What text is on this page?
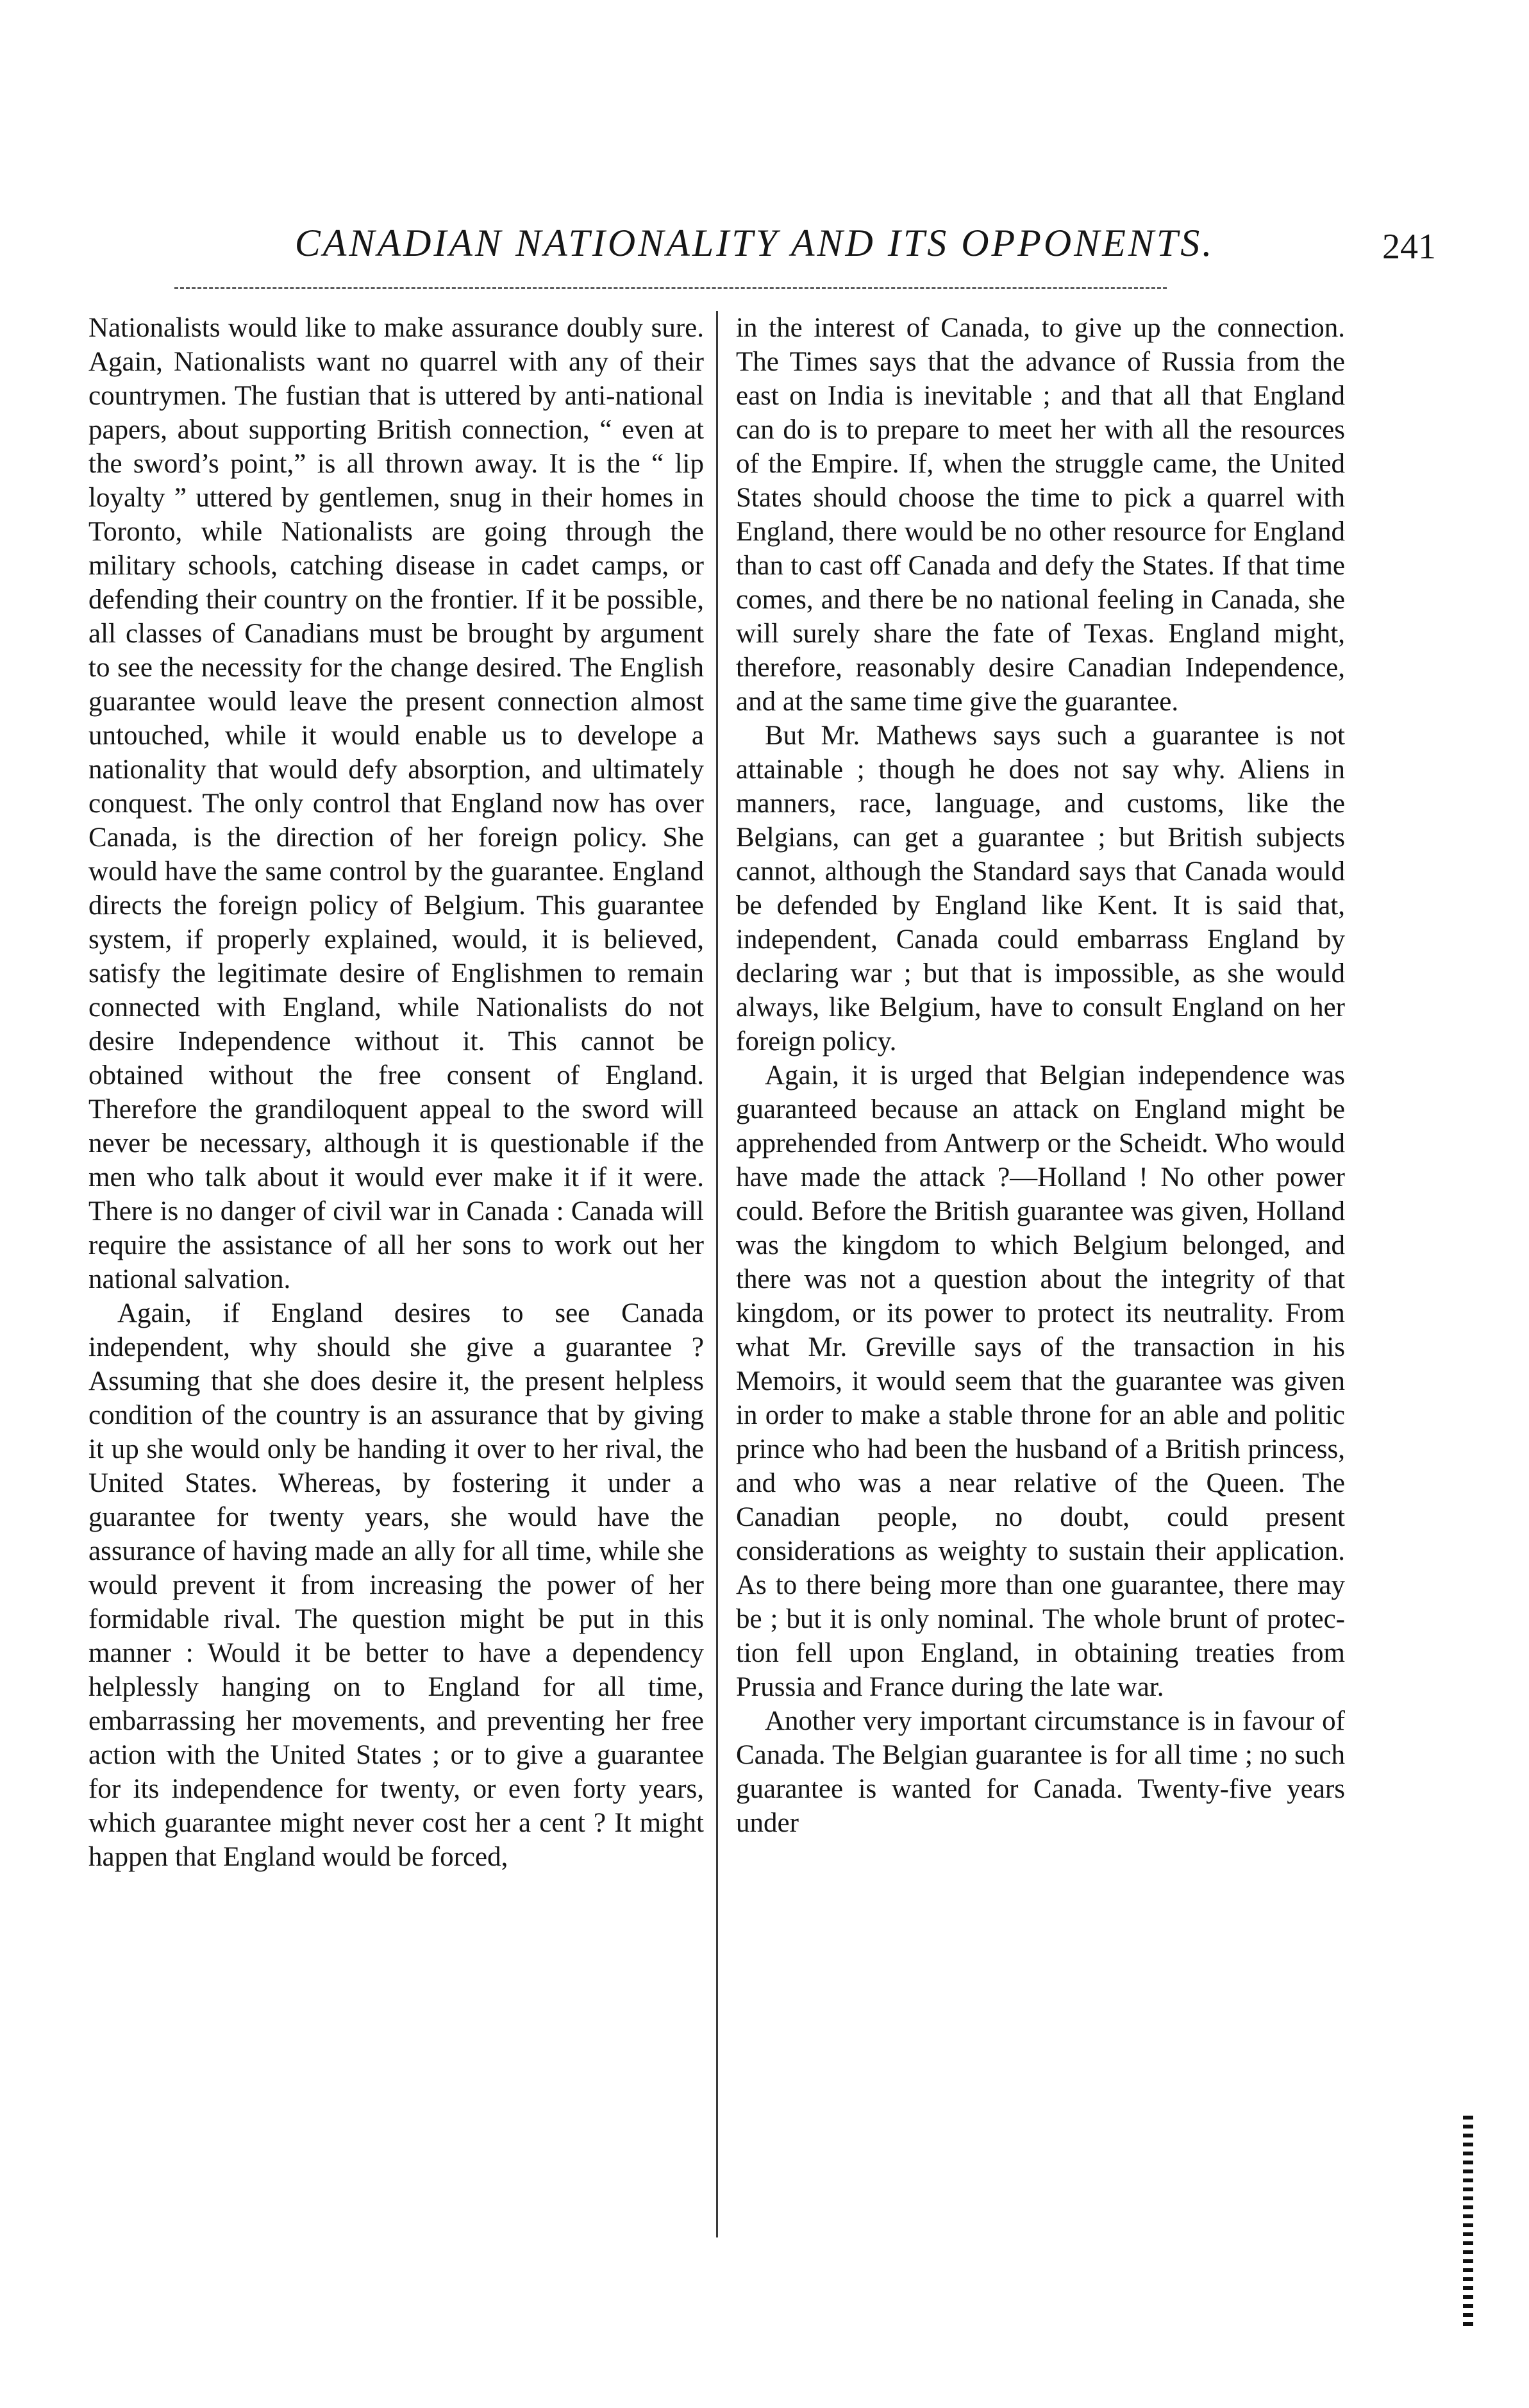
CANADIAN NATIONALITY AND ITS OPPONENTS.	241

Nationalists would like to make assurance doubly sure. Again, Nationalists want no quarrel with any of their countrymen. The fustian that is uttered by anti-national papers, about supporting British connection, “ even at the sword’s point,” is all thrown away. It is the “ lip loyalty ” uttered by gentlemen, snug in their homes in Toronto, while Nationalists are going through the military schools, catching disease in cadet camps, or defending their country on the frontier. If it be possible, all classes of Canadians must be brought by argument to see the necessity for the change desired. The English guarantee would leave the present connection almost untouched, while it would enable us to develope a nationality that would defy absorption, and ultimately conquest. The only control that England now has over Canada, is the direction of her foreign policy. She would have the same control by the guarantee. England directs the foreign policy of Belgium. This guarantee system, if properly explained, would, it is believed, satisfy the legitimate desire of Englishmen to remain connected with England, while Nationalists do not desire Independence without it. This cannot be obtained without the free consent of England. Therefore the grandiloquent appeal to the sword will never be necessary, although it is questionable if the men who talk about it would ever make it if it were. There is no danger of civil war in Canada : Canada will require the assistance of all her sons to work out her national salvation.

Again, if England desires to see Canada independent, why should she give a guarantee ? Assuming that she does desire it, the present helpless condition of the country is an assurance that by giving it up she would only be handing it over to her rival, the United States. Whereas, by fostering it under a guarantee for twenty years, she would have the assurance of having made an ally for all time, while she would prevent it from increasing the power of her formidable rival. The question might be put in this manner : Would it be better to have a dependency helplessly hanging on to England for all time, embarrassing her movements, and preventing her free action with the United States ; or to give a guarantee for its independence for twenty, or even forty years, which guarantee might never cost her a cent ? It might happen that England would be forced,

in the interest of Canada, to give up the connection. The Times says that the advance of Russia from the east on India is inevitable ; and that all that England can do is to prepare to meet her with all the resources of the Empire. If, when the struggle came, the United States should choose the time to pick a quarrel with England, there would be no other resource for England than to cast off Canada and defy the States. If that time comes, and there be no national feeling in Canada, she will surely share the fate of Texas. England might, therefore, reasonably desire Canadian Independence, and at the same time give the guarantee.

But Mr. Mathews says such a guarantee is not attainable ; though he does not say why. Aliens in manners, race, language, and customs, like the Belgians, can get a guarantee ; but British subjects cannot, although the Standard says that Canada would be defended by England like Kent. It is said that, independent, Canada could embarrass England by declaring war ; but that is impossible, as she would always, like Belgium, have to consult England on her foreign policy.

Again, it is urged that Belgian independence was guaranteed because an attack on England might be apprehended from Antwerp or the Scheidt. Who would have made the attack ?—Holland ! No other power could. Before the British guarantee was given, Holland was the kingdom to which Belgium belonged, and there was not a question about the integrity of that kingdom, or its power to protect its neutrality. From what Mr. Greville says of the transaction in his Memoirs, it would seem that the guarantee was given in order to make a stable throne for an able and politic prince who had been the husband of a British princess, and who was a near relative of the Queen. The Canadian people, no doubt, could present considerations as weighty to sustain their application. As to there being more than one guarantee, there may be ; but it is only nominal. The whole brunt of protection fell upon England, in obtaining treaties from Prussia and France during the late war.

Another very important circumstance is in favour of Canada. The Belgian guarantee is for all time ; no such guarantee is wanted for Canada. Twenty-five years under
